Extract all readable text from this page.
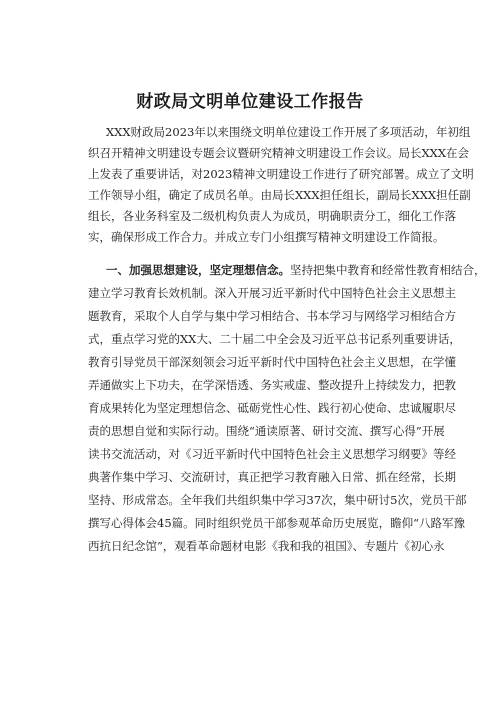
财政局文明单位建设工作报告
XXX财政局2023年以来围绕文明单位建设工作开展了多项活动，年初组
织召开精神文明建设专题会议暨研究精神文明建设工作会议。局长XXX在会
上发表了重要讲话，对2023精神文明建设工作进行了研究部署。成立了文明
工作领导小组，确定了成员名单。由局长XXX担任组长，副局长XXX担任副
组长，各业务科室及二级机构负责人为成员，明确职责分工，细化工作落
实，确保形成工作合力。并成立专门小组撰写精神文明建设工作简报。
一、加强思想建设，坚定理想信念。坚持把集中教育和经常性教育相结合，
建立学习教育长效机制。深入开展习近平新时代中国特色社会主义思想主
题教育，采取个人自学与集中学习相结合、书本学习与网络学习相结合方
式，重点学习党的XX大、二十届二中全会及习近平总书记系列重要讲话，
教育引导党员干部深刻领会习近平新时代中国特色社会主义思想，在学懂
弄通做实上下功夫，在学深悟透、务实戒虚、整改提升上持续发力，把教
育成果转化为坚定理想信念、砥砺党性心性、践行初心使命、忠诚履职尽
责的思想自觉和实际行动。围绕“通读原著、研讨交流、撰写心得”开展
读书交流活动，对《习近平新时代中国特色社会主义思想学习纲要》等经
典著作集中学习、交流研讨，真正把学习教育融入日常、抓在经常，长期
坚持、形成常态。全年我们共组织集中学习37次，集中研讨5次，党员干部
撰写心得体会45篇。同时组织党员干部参观革命历史展览，瞻仰“八路军豫
西抗日纪念馆”，观看革命题材电影《我和我的祖国》、专题片《初心永
